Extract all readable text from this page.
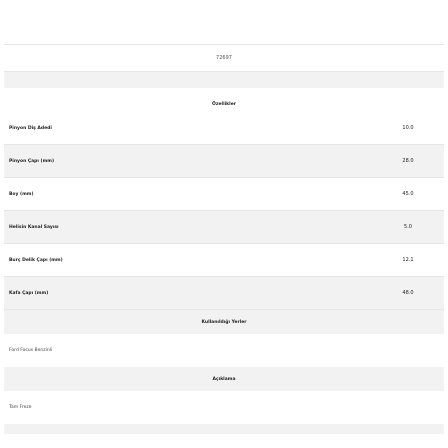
72697
Özellikler
Pinyon Diş Adedi	10.0
Pinyon Çapı (mm)	28.0
Boy (mm)	45.0
Helisin Kanal Sayısı	5.0
Burç Delik Çapı (mm)	12.1
Kafa Çapı (mm)	48.0
Kullanıldığı Yerler
Ford Focus Benzinli
Açıklama
Tam Freze
